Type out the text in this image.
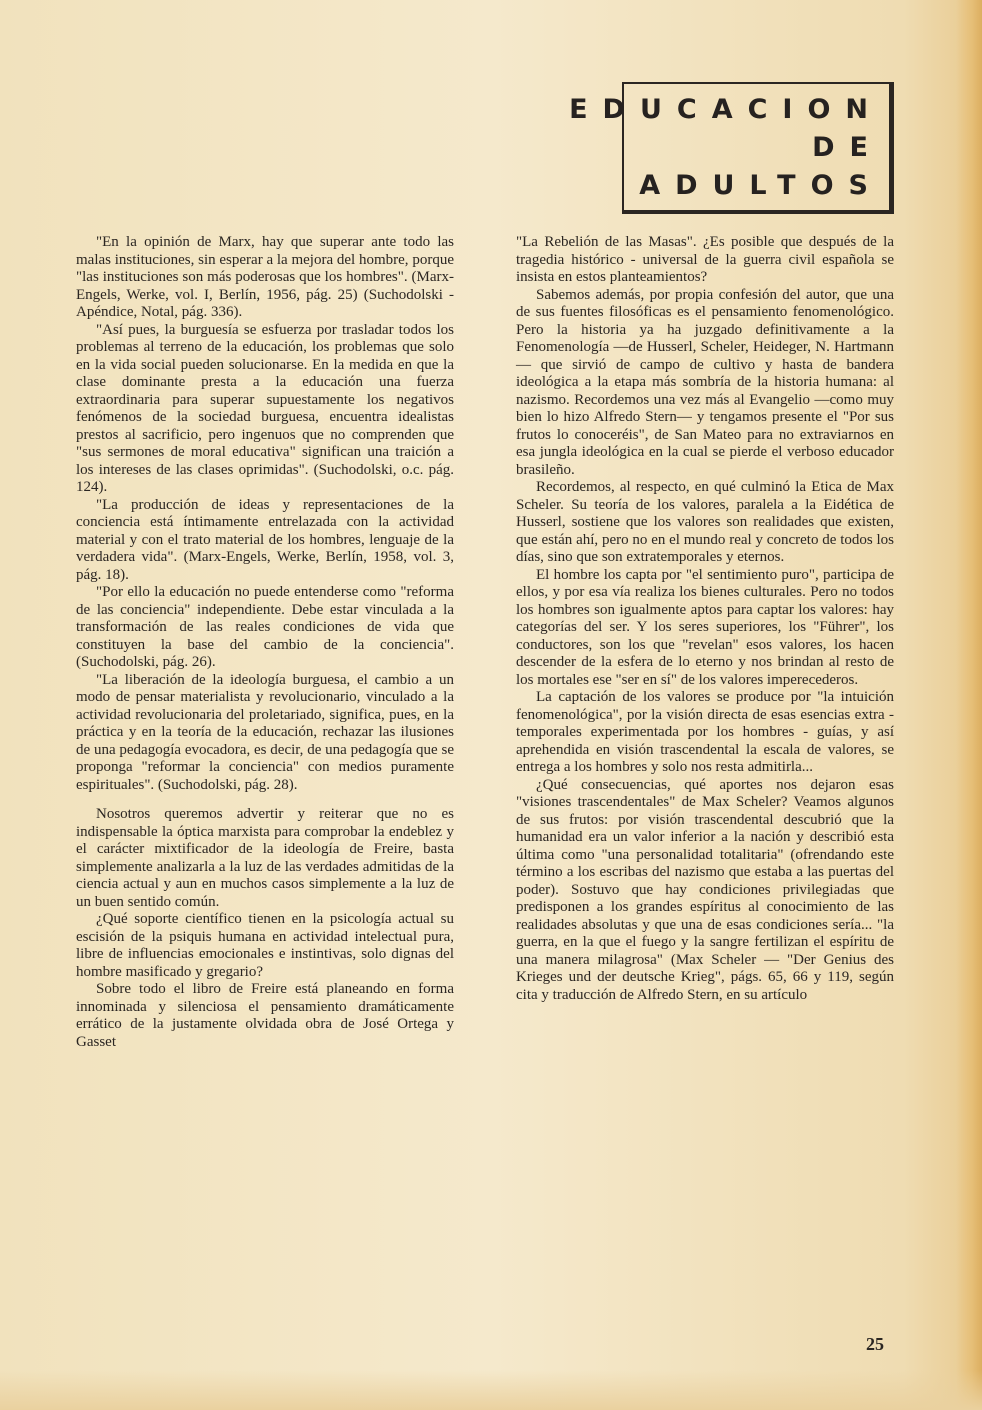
EDUCACION
DE
ADULTOS

"En la opinión de Marx, hay que superar ante todo las malas instituciones, sin esperar a la mejora del hombre, porque "las instituciones son más poderosas que los hombres". (Marx-Engels, Werke, vol. I, Berlín, 1956, pág. 25) (Suchodolski - Apéndice, Notal, pág. 336).

"Así pues, la burguesía se esfuerza por trasladar todos los problemas al terreno de la educación, los problemas que solo en la vida social pueden solucionarse. En la medida en que la clase dominante presta a la educación una fuerza extraordinaria para superar supuestamente los negativos fenómenos de la sociedad burguesa, encuentra idealistas prestos al sacrificio, pero ingenuos que no comprenden que "sus sermones de moral educativa" significan una traición a los intereses de las clases oprimidas". (Suchodolski, o.c. pág. 124).

"La producción de ideas y representaciones de la conciencia está íntimamente entrelazada con la actividad material y con el trato material de los hombres, lenguaje de la verdadera vida". (Marx-Engels, Werke, Berlín, 1958, vol. 3, pág. 18).

"Por ello la educación no puede entenderse como "reforma de las conciencia" independiente. Debe estar vinculada a la transformación de las reales condiciones de vida que constituyen la base del cambio de la conciencia". (Suchodolski, pág. 26).

"La liberación de la ideología burguesa, el cambio a un modo de pensar materialista y revolucionario, vinculado a la actividad revolucionaria del proletariado, significa, pues, en la práctica y en la teoría de la educación, rechazar las ilusiones de una pedagogía evocadora, es decir, de una pedagogía que se proponga "reformar la conciencia" con medios puramente espirituales". (Suchodolski, pág. 28).

Nosotros queremos advertir y reiterar que no es indispensable la óptica marxista para comprobar la endeblez y el carácter mixtificador de la ideología de Freire, basta simplemente analizarla a la luz de las verdades admitidas de la ciencia actual y aun en muchos casos simplemente a la luz de un buen sentido común.

¿Qué soporte científico tienen en la psicología actual su escisión de la psiquis humana en actividad intelectual pura, libre de influencias emocionales e instintivas, solo dignas del hombre masificado y gregario?

Sobre todo el libro de Freire está planeando en forma innominada y silenciosa el pensamiento dramáticamente errático de la justamente olvidada obra de José Ortega y Gasset

"La Rebelión de las Masas". ¿Es posible que después de la tragedia histórico - universal de la guerra civil española se insista en estos planteamientos?

Sabemos además, por propia confesión del autor, que una de sus fuentes filosóficas es el pensamiento fenomenológico. Pero la historia ya ha juzgado definitivamente a la Fenomenología —de Husserl, Scheler, Heideger, N. Hartmann— que sirvió de campo de cultivo y hasta de bandera ideológica a la etapa más sombría de la historia humana: al nazismo. Recordemos una vez más al Evangelio —como muy bien lo hizo Alfredo Stern— y tengamos presente el "Por sus frutos lo conoceréis", de San Mateo para no extraviarnos en esa jungla ideológica en la cual se pierde el verboso educador brasileño.

Recordemos, al respecto, en qué culminó la Etica de Max Scheler. Su teoría de los valores, paralela a la Eidética de Husserl, sostiene que los valores son realidades que existen, que están ahí, pero no en el mundo real y concreto de todos los días, sino que son extratemporales y eternos.

El hombre los capta por "el sentimiento puro", participa de ellos, y por esa vía realiza los bienes culturales. Pero no todos los hombres son igualmente aptos para captar los valores: hay categorías del ser. Y los seres superiores, los "Führer", los conductores, son los que "revelan" esos valores, los hacen descender de la esfera de lo eterno y nos brindan al resto de los mortales ese "ser en sí" de los valores imperecederos.

La captación de los valores se produce por "la intuición fenomenológica", por la visión directa de esas esencias extra - temporales experimentada por los hombres - guías, y así aprehendida en visión trascendental la escala de valores, se entrega a los hombres y solo nos resta admitirla...

¿Qué consecuencias, qué aportes nos dejaron esas "visiones trascendentales" de Max Scheler? Veamos algunos de sus frutos: por visión trascendental descubrió que la humanidad era un valor inferior a la nación y describió esta última como "una personalidad totalitaria" (ofrendando este término a los escribas del nazismo que estaba a las puertas del poder). Sostuvo que hay condiciones privilegiadas que predisponen a los grandes espíritus al conocimiento de las realidades absolutas y que una de esas condiciones sería... "la guerra, en la que el fuego y la sangre fertilizan el espíritu de una manera milagrosa" (Max Scheler — "Der Genius des Krieges und der deutsche Krieg", págs. 65, 66 y 119, según cita y traducción de Alfredo Stern, en su artículo

25
